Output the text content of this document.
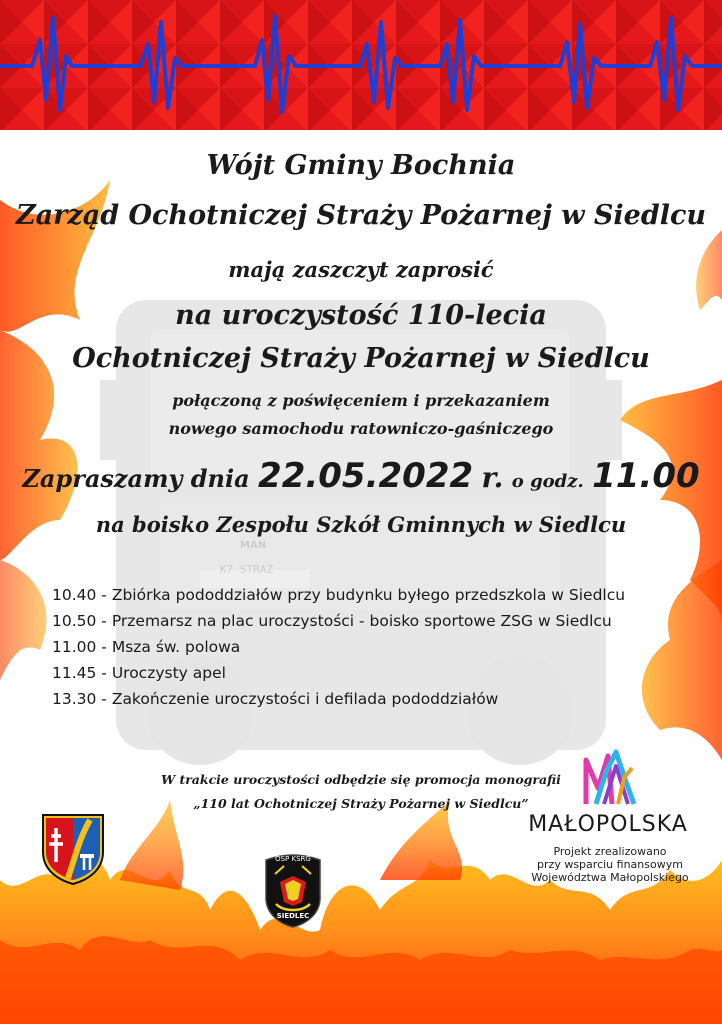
Wójt Gminy Bochnia
Zarząd Ochotniczej Straży Pożarnej w Siedlcu
mają zaszczyt zaprosić
na uroczystość 110-lecia
Ochotniczej Straży Pożarnej w Siedlcu
połączoną z poświęceniem i przekazaniem
nowego samochodu ratowniczo-gaśniczego
Zapraszamy dnia 22.05.2022 r. o godz. 11.00
na boisko Zespołu Szkół Gminnych w Siedlcu
10.40 - Zbiórka pododdziałów przy budynku byłego przedszkola w Siedlcu
10.50 - Przemarsz na plac uroczystości - boisko sportowe ZSG w Siedlcu
11.00 - Msza św. polowa
11.45 - Uroczysty apel
13.30 - Zakończenie uroczystości i defilada pododdziałów
W trakcie uroczystości odbędzie się promocja monografii
„110 lat Ochotniczej Straży Pożarnej w Siedlcu”
OSP KSRG
SIEDLEC
MAŁOPOLSKA
Projekt zrealizowano
przy wsparciu finansowym
Województwa Małopolskiego
K7 STRAZ
MAN
